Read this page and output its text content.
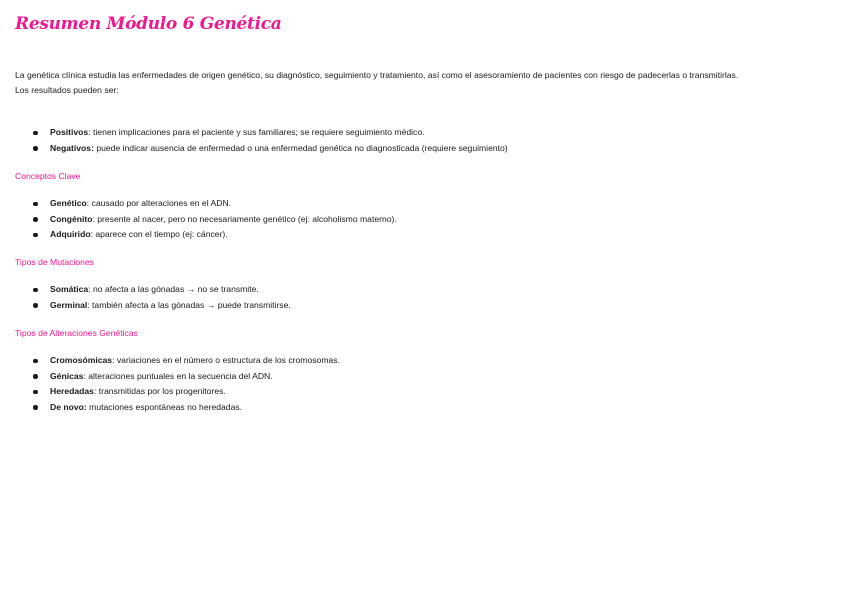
Resumen Módulo 6 Genética

La genética clínica estudia las enfermedades de origen genético, su diagnóstico, seguimiento y tratamiento, así como el asesoramiento de pacientes con riesgo de padecerlas o transmitirlas.

Los resultados pueden ser:

Positivos: tienen implicaciones para el paciente y sus familiares; se requiere seguimiento médico.
Negativos: puede indicar ausencia de enfermedad o una enfermedad genética no diagnosticada (requiere seguimiento)
Conceptos Clave
Genético: causado por alteraciones en el ADN.
Congénito: presente al nacer, pero no necesariamente genético (ej: alcoholismo materno).
Adquirido: aparece con el tiempo (ej: cáncer).
Tipos de Mutaciones
Somática: no afecta a las gónadas → no se transmite.
Germinal: también afecta a las gónadas → puede transmitirse.
Tipos de Alteraciones Genéticas
Cromosómicas: variaciones en el número o estructura de los cromosomas.
Génicas: alteraciones puntuales en la secuencia del ADN.
Heredadas: transmitidas por los progenitores.
De novo: mutaciones espontáneas no heredadas.
